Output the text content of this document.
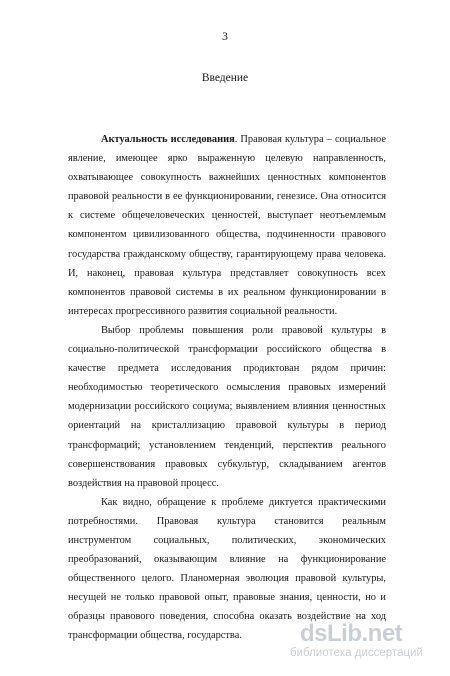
3
Введение

Актуальность исследования. Правовая культура – социальное явление, имеющее ярко выраженную целевую направленность, охватывающее совокупность важнейших ценностных компонентов правовой реальности в ее функционировании, генезисе. Она относится к системе общечеловеческих ценностей, выступает неотъемлемым компонентом цивилизованного общества, подчиненности правового государства гражданскому обществу, гарантирующему права человека. И, наконец, правовая культура представляет совокупность всех компонентов правовой системы в их реальном функционировании в интересах прогрессивного развития социальной реальности.

Выбор проблемы повышения роли правовой культуры в социально-политической трансформации российского общества в качестве предмета исследования продиктован рядом причин: необходимостью теоретического осмысления правовых измерений модернизации российского социума; выявлением влияния ценностных ориентаций на кристаллизацию правовой культуры в период трансформаций; установлением тенденций, перспектив реального совершенствования правовых субкультур, складыванием агентов воздействия на правовой процесс.

Как видно, обращение к проблеме диктуется практическими потребностями. Правовая культура становится реальным инструментом социальных, политических, экономических преобразований, оказывающим влияние на функционирование общественного целого. Планомерная эволюция правовой культуры, несущей не только правовой опыт, правовые знания, ценности, но и образцы правового поведения, способна оказать воздействие на ход трансформации общества, государства.	dsLib.net
библиотека диссертаций
